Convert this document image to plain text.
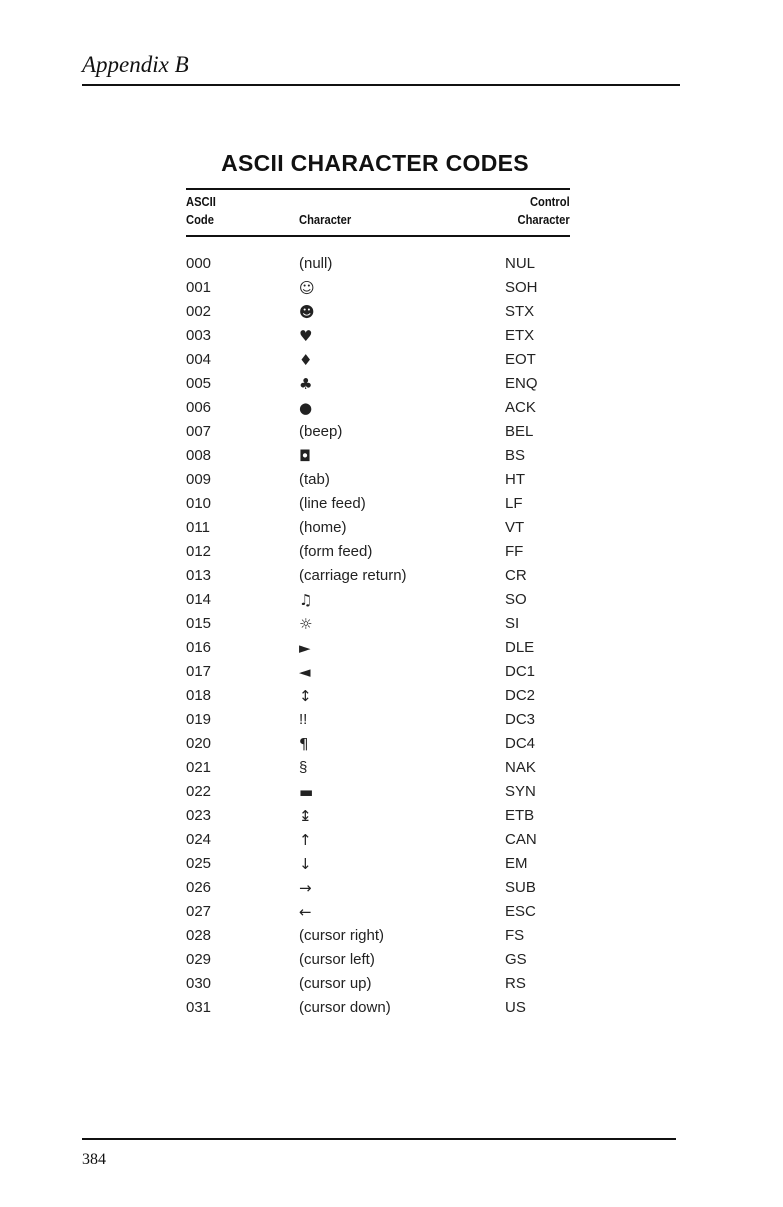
Appendix B
ASCII CHARACTER CODES
ASCII
Code	Character
Control
Character
000	(null)	NUL
001	☺	SOH
002	☻	STX
003	♥	ETX
004	♦	EOT
005	♣	ENQ
006	●	ACK
007	(beep)	BEL
008	◘	BS
009	(tab)	HT
010	(line feed)	LF
011	(home)	VT
012	(form feed)	FF
013	(carriage return)	CR
014	♫	SO
015	☼	SI
016	►	DLE
017	◄	DC1
018	↕	DC2
019	!!	DC3
020	¶	DC4
021	§	NAK
022	▬	SYN
023	↨	ETB
024	↑	CAN
025	↓	EM
026	→	SUB
027	←	ESC
028	(cursor right)	FS
029	(cursor left)	GS
030	(cursor up)	RS
031	(cursor down)	US
384
